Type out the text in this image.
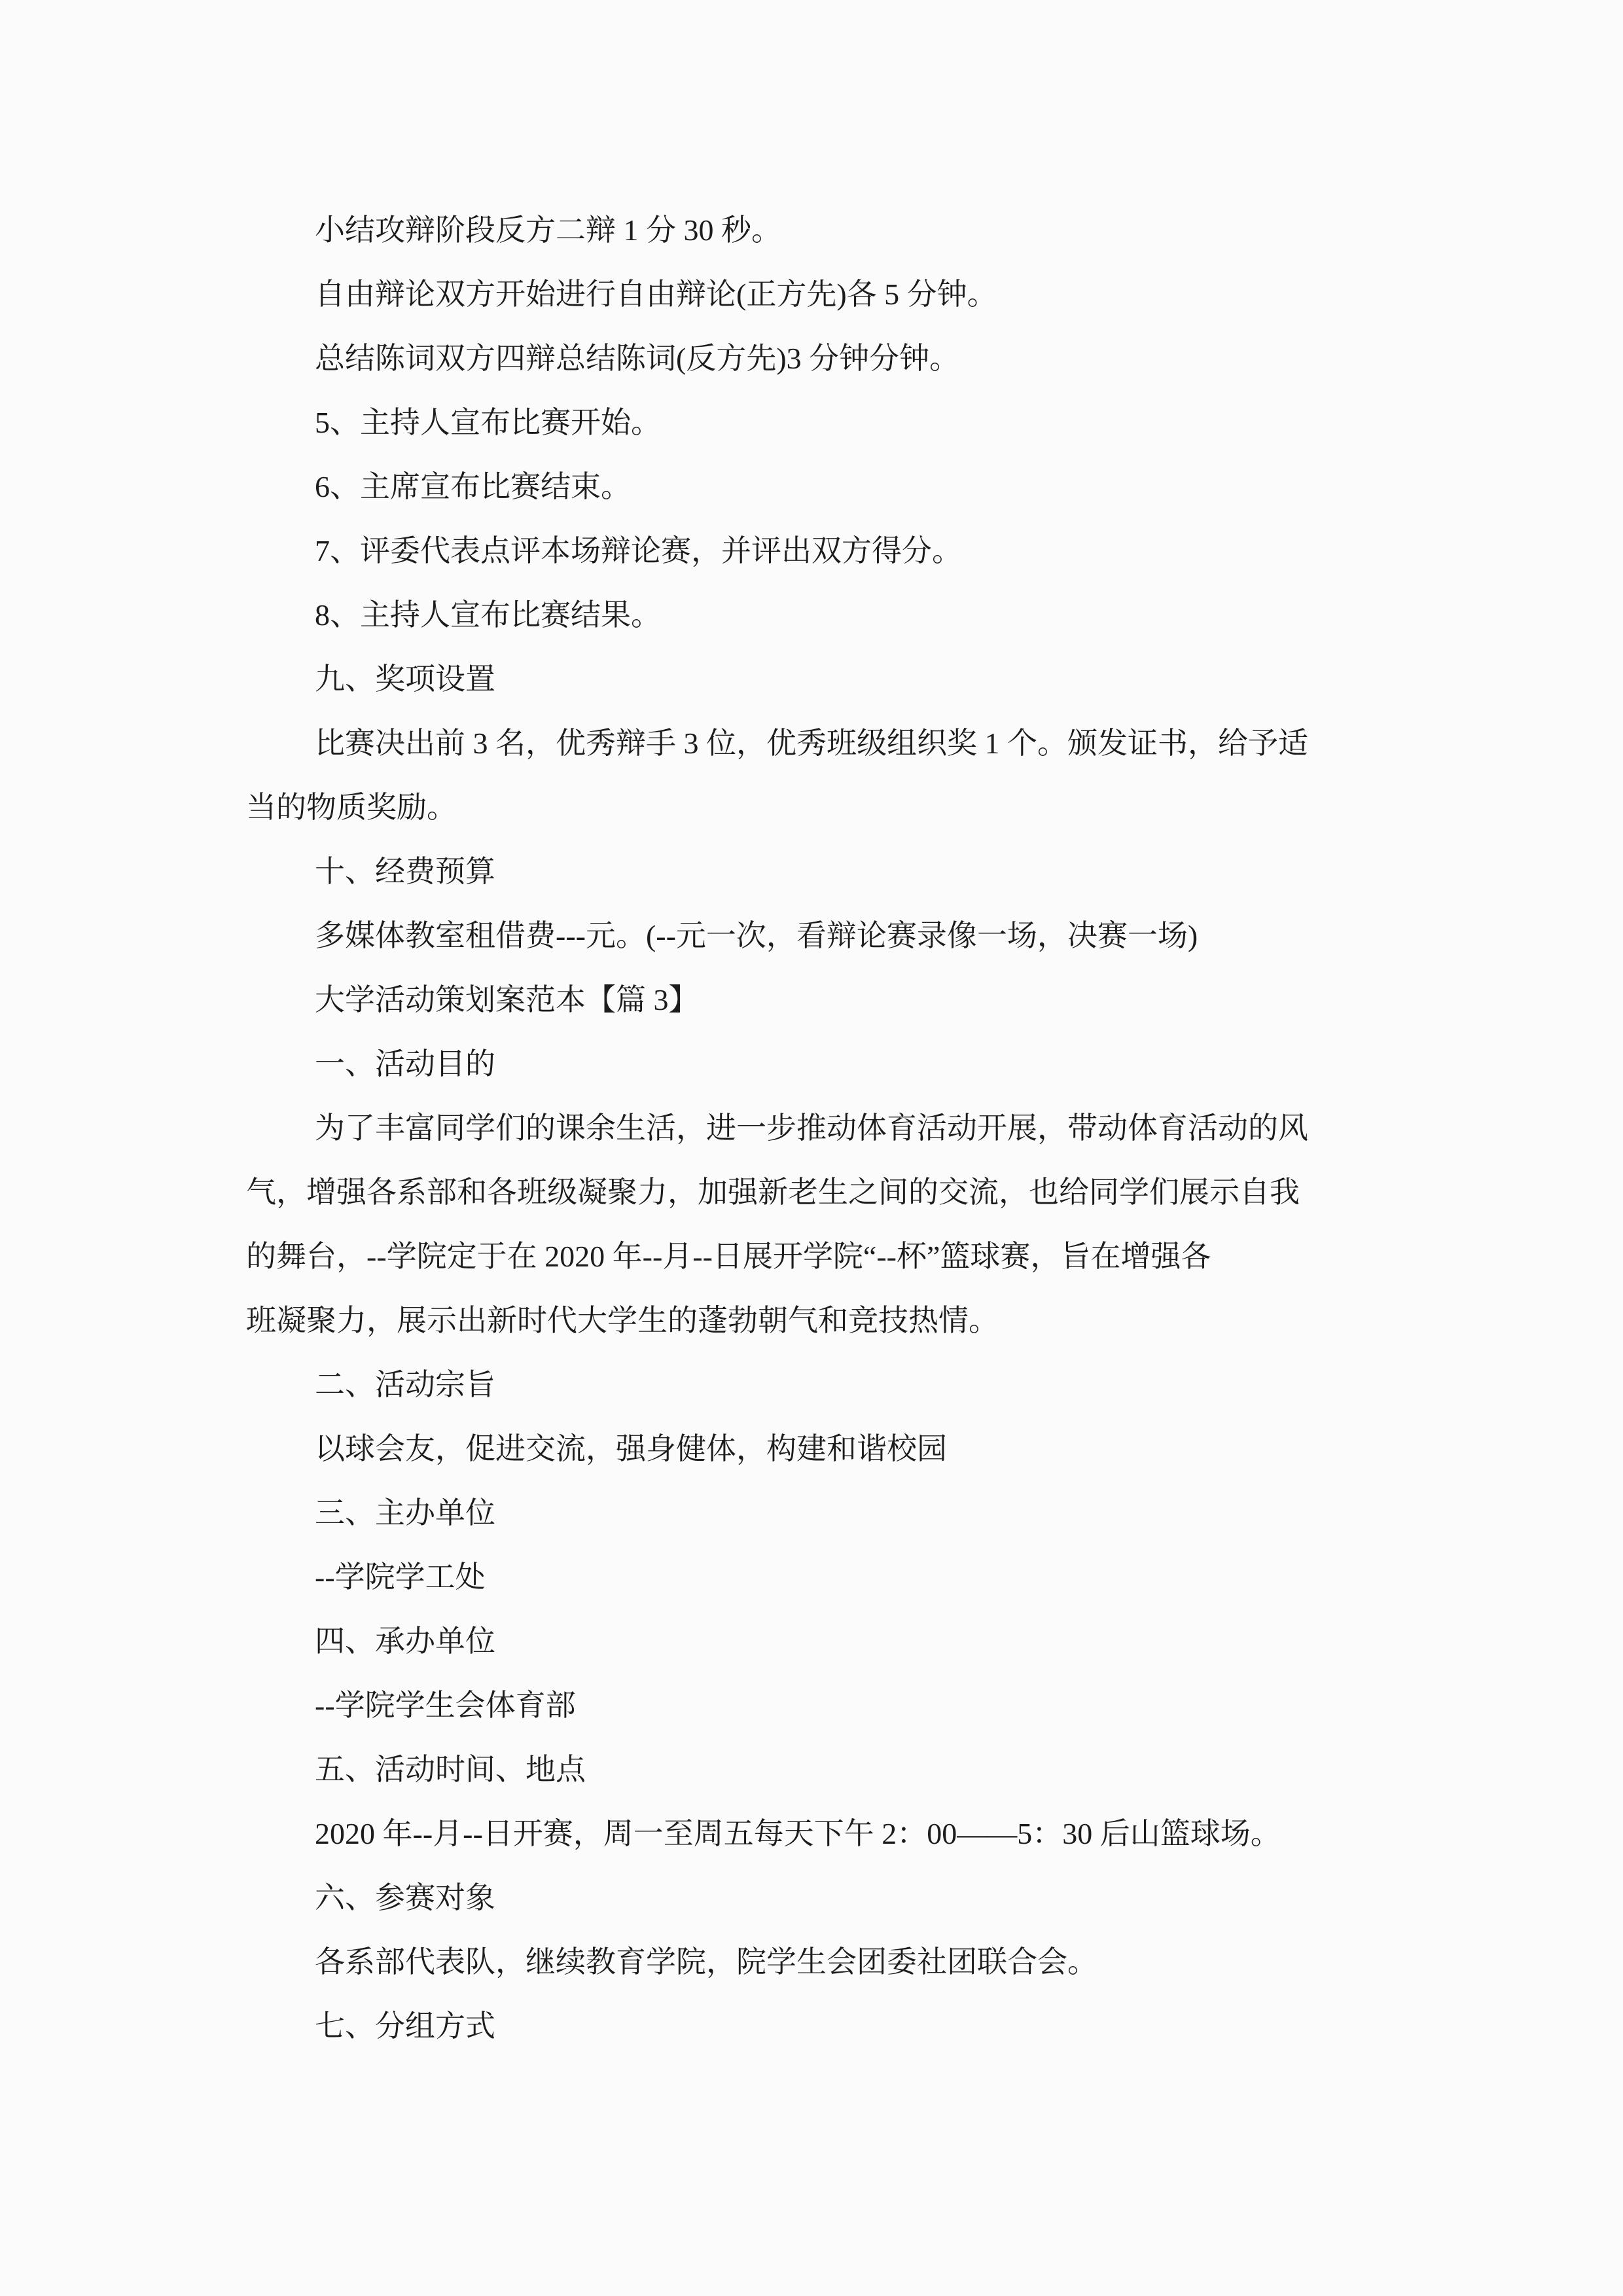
小结攻辩阶段反方二辩 1 分 30 秒。
自由辩论双方开始进行自由辩论(正方先)各 5 分钟。
总结陈词双方四辩总结陈词(反方先)3 分钟分钟。
5、主持人宣布比赛开始。
6、主席宣布比赛结束。
7、评委代表点评本场辩论赛，并评出双方得分。
8、主持人宣布比赛结果。
九、奖项设置
比赛决出前 3 名，优秀辩手 3 位，优秀班级组织奖 1 个。颁发证书，给予适
当的物质奖励。
十、经费预算
多媒体教室租借费---元。(--元一次，看辩论赛录像一场，决赛一场)
大学活动策划案范本【篇 3】
一、活动目的
为了丰富同学们的课余生活，进一步推动体育活动开展，带动体育活动的风
气，增强各系部和各班级凝聚力，加强新老生之间的交流，也给同学们展示自我
的舞台，--学院定于在 2020 年--月--日展开学院“--杯”篮球赛，旨在增强各
班凝聚力，展示出新时代大学生的蓬勃朝气和竞技热情。
二、活动宗旨
以球会友，促进交流，强身健体，构建和谐校园
三、主办单位
--学院学工处
四、承办单位
--学院学生会体育部
五、活动时间、地点
2020 年--月--日开赛，周一至周五每天下午 2：00——5：30 后山篮球场。
六、参赛对象
各系部代表队，继续教育学院，院学生会团委社团联合会。
七、分组方式
